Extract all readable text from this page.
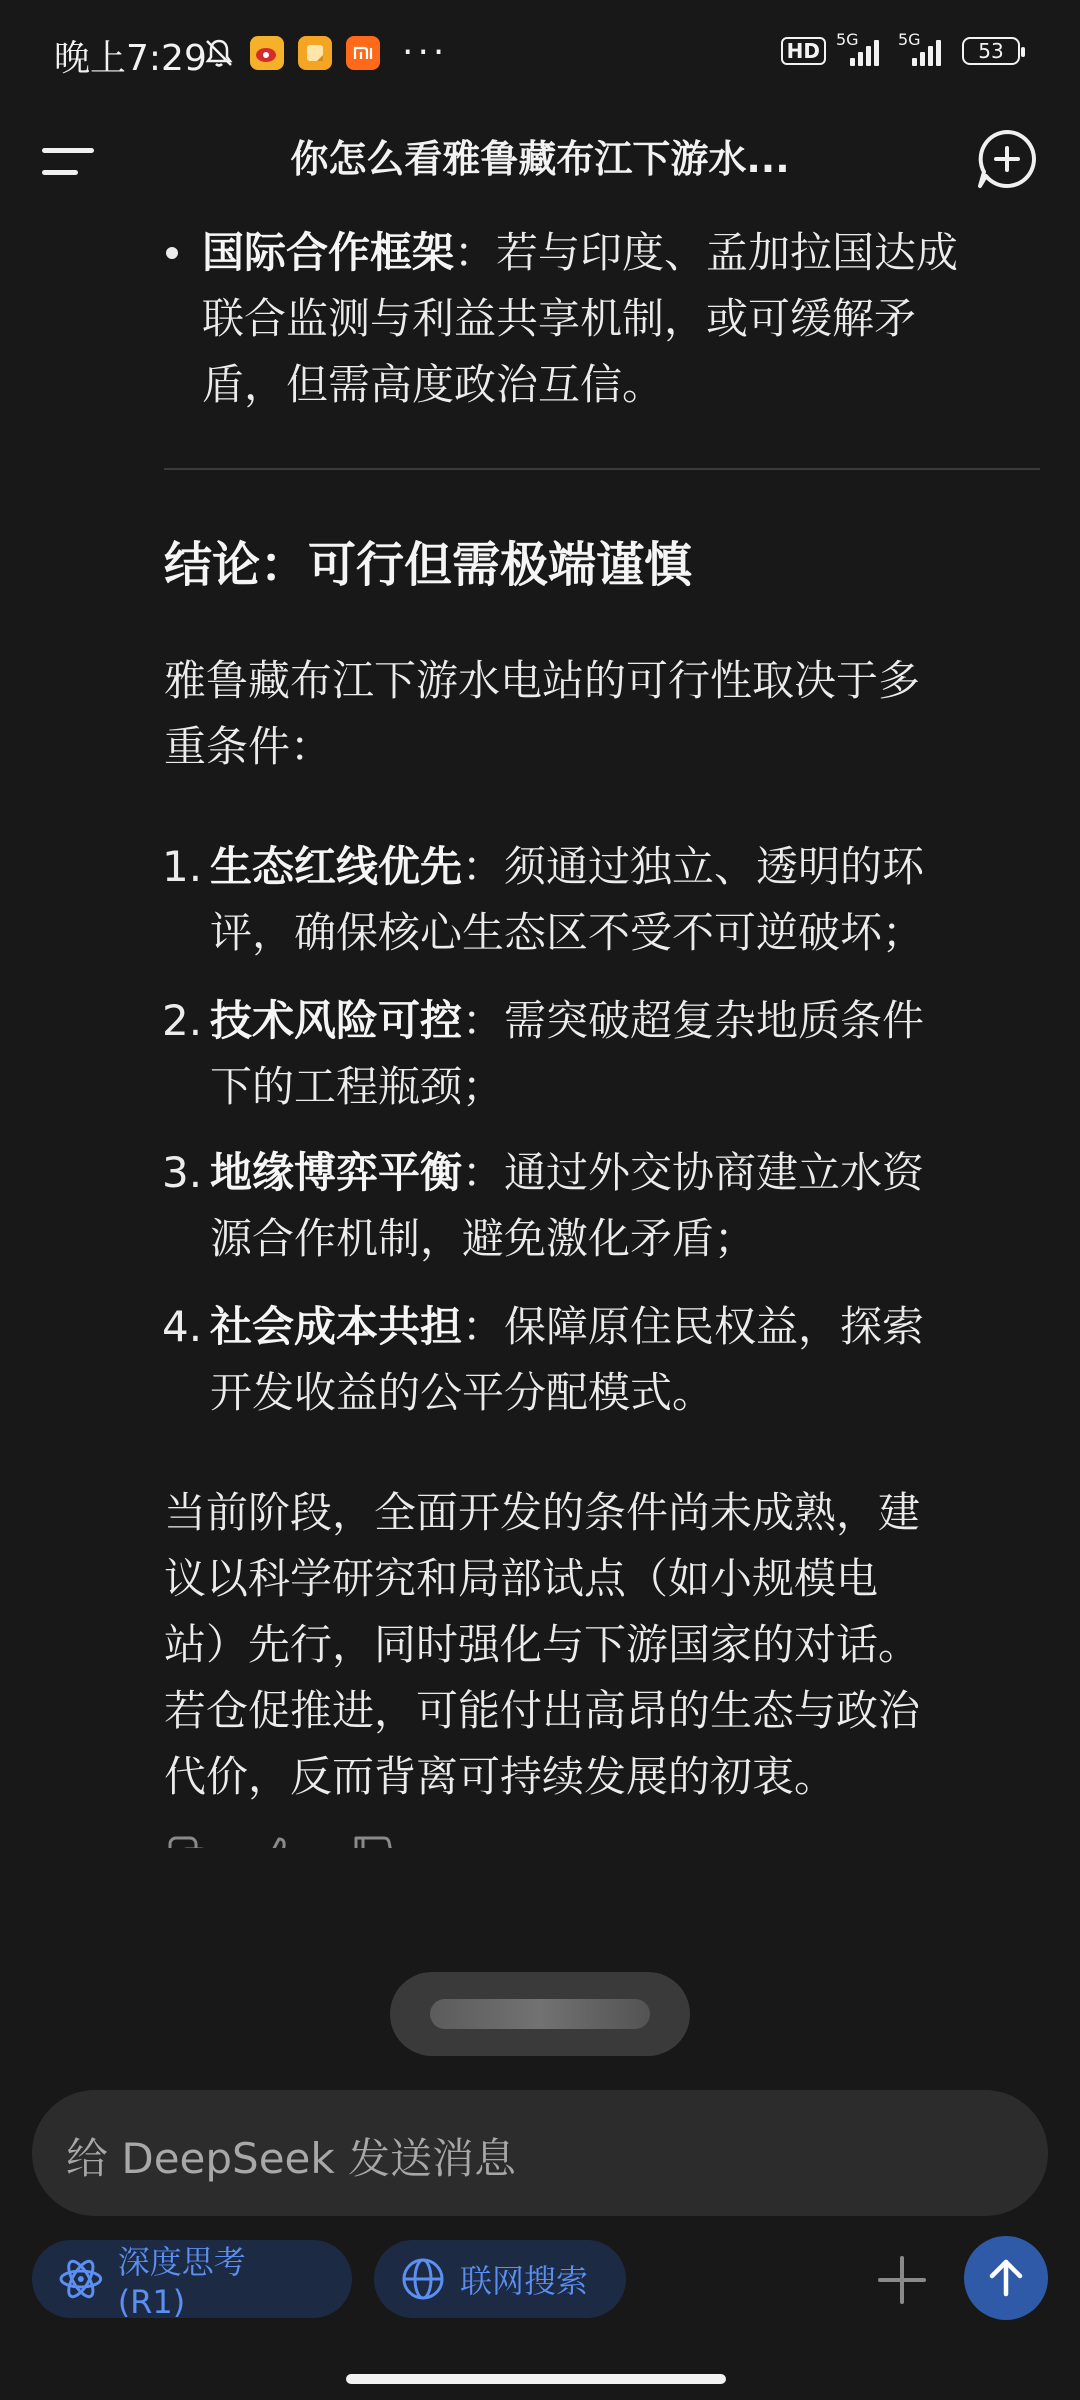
晚上7:29	···	HD	5G 5G	53
你怎么看雅鲁藏布江下游水...
国际合作框架：若与印度、孟加拉国达成
联合监测与利益共享机制，或可缓解矛
盾，但需高度政治互信。
结论：可行但需极端谨慎
雅鲁藏布江下游水电站的可行性取决于多
重条件：
1. 生态红线优先：须通过独立、透明的环
评，确保核心生态区不受不可逆破坏；
2. 技术风险可控：需突破超复杂地质条件
下的工程瓶颈；
3. 地缘博弈平衡：通过外交协商建立水资
源合作机制，避免激化矛盾；
4. 社会成本共担：保障原住民权益，探索
开发收益的公平分配模式。
当前阶段，全面开发的条件尚未成熟，建
议以科学研究和局部试点（如小规模电
站）先行，同时强化与下游国家的对话。
若仓促推进，可能付出高昂的生态与政治
代价，反而背离可持续发展的初衷。
给 DeepSeek 发送消息
深度思考 (R1)
联网搜索
